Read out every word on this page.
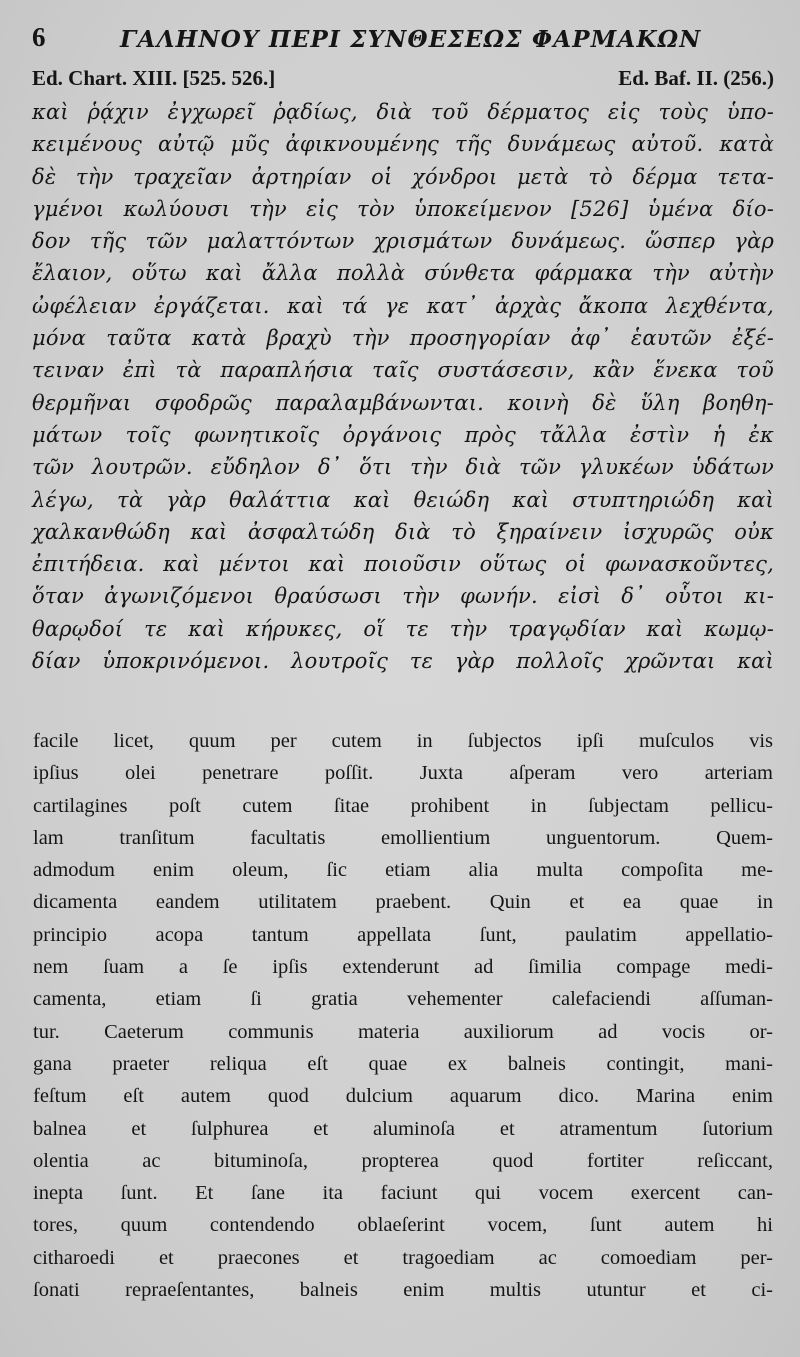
6	ΓΑΛΗΝΟΥ ΠΕΡΙ ΣΥΝΘΕΣΕΩΣ ΦΑΡΜΑΚΩΝ
Ed. Chart. XIII. [525. 526.]	Ed. Baf. II. (256.)
καὶ ῥᾴχιν ἐγχωρεῖ ῥᾳδίως, διὰ τοῦ δέρματος εἰς τοὺς ὑπο-
κειμένους αὐτῷ μῦς ἀφικνουμένης τῆς δυνάμεως αὐτοῦ. κατὰ
δὲ τὴν τραχεῖαν ἀρτηρίαν οἱ χόνδροι μετὰ τὸ δέρμα τετα-
γμένοι κωλύουσι τὴν εἰς τὸν ὑποκείμενον [526] ὑμένα δίο-
δον τῆς τῶν μαλαττόντων χρισμάτων δυνάμεως. ὥσπερ γὰρ
ἔλαιον, οὕτω καὶ ἄλλα πολλὰ σύνθετα φάρμακα τὴν αὐτὴν
ὠφέλειαν ἐργάζεται. καὶ τά γε κατ᾽ ἀρχὰς ἄκοπα λεχθέντα,
μόνα ταῦτα κατὰ βραχὺ τὴν προσηγορίαν ἀφ᾽ ἑαυτῶν ἐξέ-
τειναν ἐπὶ τὰ παραπλήσια ταῖς συστάσεσιν, κἂν ἕνεκα τοῦ
θερμῆναι σφοδρῶς παραλαμβάνωνται. κοινὴ δὲ ὕλη βοηθη-
μάτων τοῖς φωνητικοῖς ὀργάνοις πρὸς τἄλλα ἐστὶν ἡ ἐκ
τῶν λουτρῶν. εὔδηλον δ᾽ ὅτι τὴν διὰ τῶν γλυκέων ὑδάτων
λέγω, τὰ γὰρ θαλάττια καὶ θειώδη καὶ στυπτηριώδη καὶ
χαλκανθώδη καὶ ἀσφαλτώδη διὰ τὸ ξηραίνειν ἰσχυρῶς οὐκ
ἐπιτήδεια. καὶ μέντοι καὶ ποιοῦσιν οὕτως οἱ φωνασκοῦντες,
ὅταν ἀγωνιζόμενοι θραύσωσι τὴν φωνήν. εἰσὶ δ᾽ οὗτοι κι-
θαρῳδοί τε καὶ κήρυκες, οἵ τε τὴν τραγῳδίαν καὶ κωμῳ-
δίαν ὑποκρινόμενοι. λουτροῖς τε γὰρ πολλοῖς χρῶνται καὶ
facile licet, quum per cutem in ſubjectos ipſi muſculos vis
ipſius olei penetrare poſſit. Juxta aſperam vero arteriam
cartilagines poſt cutem ſitae prohibent in ſubjectam pellicu-
lam tranſitum facultatis emollientium unguentorum. Quem-
admodum enim oleum, ſic etiam alia multa compoſita me-
dicamenta eandem utilitatem praebent. Quin et ea quae in
principio acopa tantum appellata ſunt, paulatim appellatio-
nem ſuam a ſe ipſis extenderunt ad ſimilia compage medi-
camenta, etiam ſi gratia vehementer calefaciendi aſſuman-
tur. Caeterum communis materia auxiliorum ad vocis or-
gana praeter reliqua eſt quae ex balneis contingit, mani-
feſtum eſt autem quod dulcium aquarum dico. Marina enim
balnea et ſulphurea et aluminoſa et atramentum ſutorium
olentia ac bituminoſa, propterea quod fortiter reſiccant,
inepta ſunt. Et ſane ita faciunt qui vocem exercent can-
tores, quum contendendo oblaeſerint vocem, ſunt autem hi
citharoedi et praecones et tragoediam ac comoediam per-
ſonati repraeſentantes, balneis enim multis utuntur et ci-
